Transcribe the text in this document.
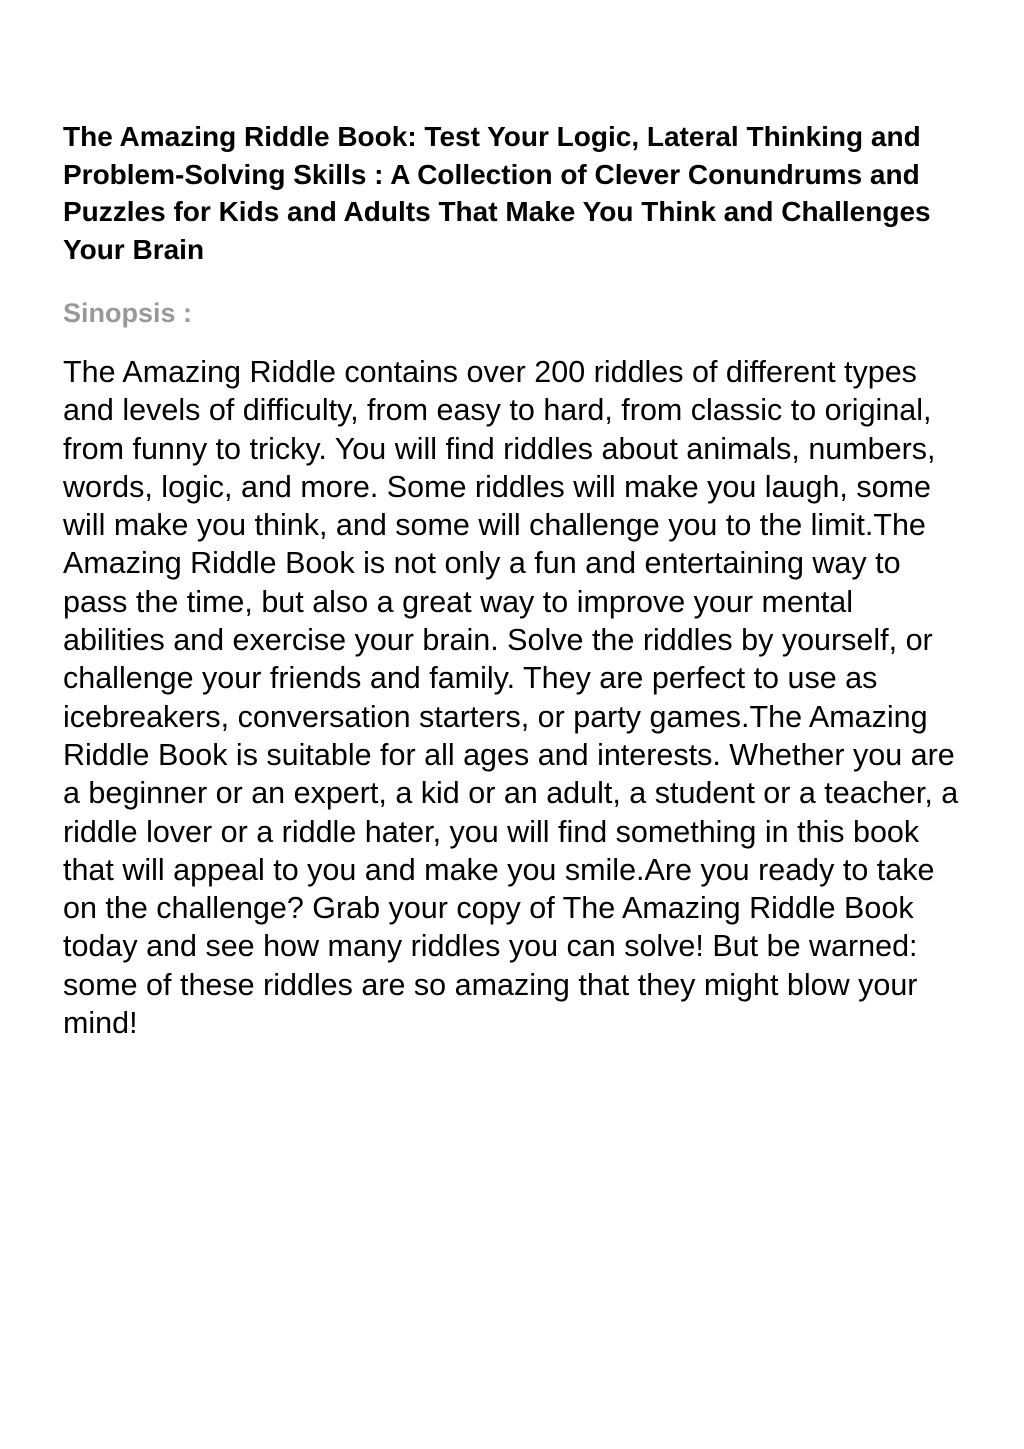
The Amazing Riddle Book: Test Your Logic, Lateral Thinking and Problem-Solving Skills : A Collection of Clever Conundrums and Puzzles for Kids and Adults That Make You Think and Challenges Your Brain
Sinopsis :

The Amazing Riddle contains over 200 riddles of different types and levels of difficulty, from easy to hard, from classic to original, from funny to tricky. You will find riddles about animals, numbers, words, logic, and more. Some riddles will make you laugh, some will make you think, and some will challenge you to the limit.The Amazing Riddle Book is not only a fun and entertaining way to pass the time, but also a great way to improve your mental abilities and exercise your brain. Solve the riddles by yourself, or challenge your friends and family. They are perfect to use as icebreakers, conversation starters, or party games.The Amazing Riddle Book is suitable for all ages and interests. Whether you are a beginner or an expert, a kid or an adult, a student or a teacher, a riddle lover or a riddle hater, you will find something in this book that will appeal to you and make you smile.Are you ready to take on the challenge? Grab your copy of The Amazing Riddle Book today and see how many riddles you can solve! But be warned: some of these riddles are so amazing that they might blow your mind!
